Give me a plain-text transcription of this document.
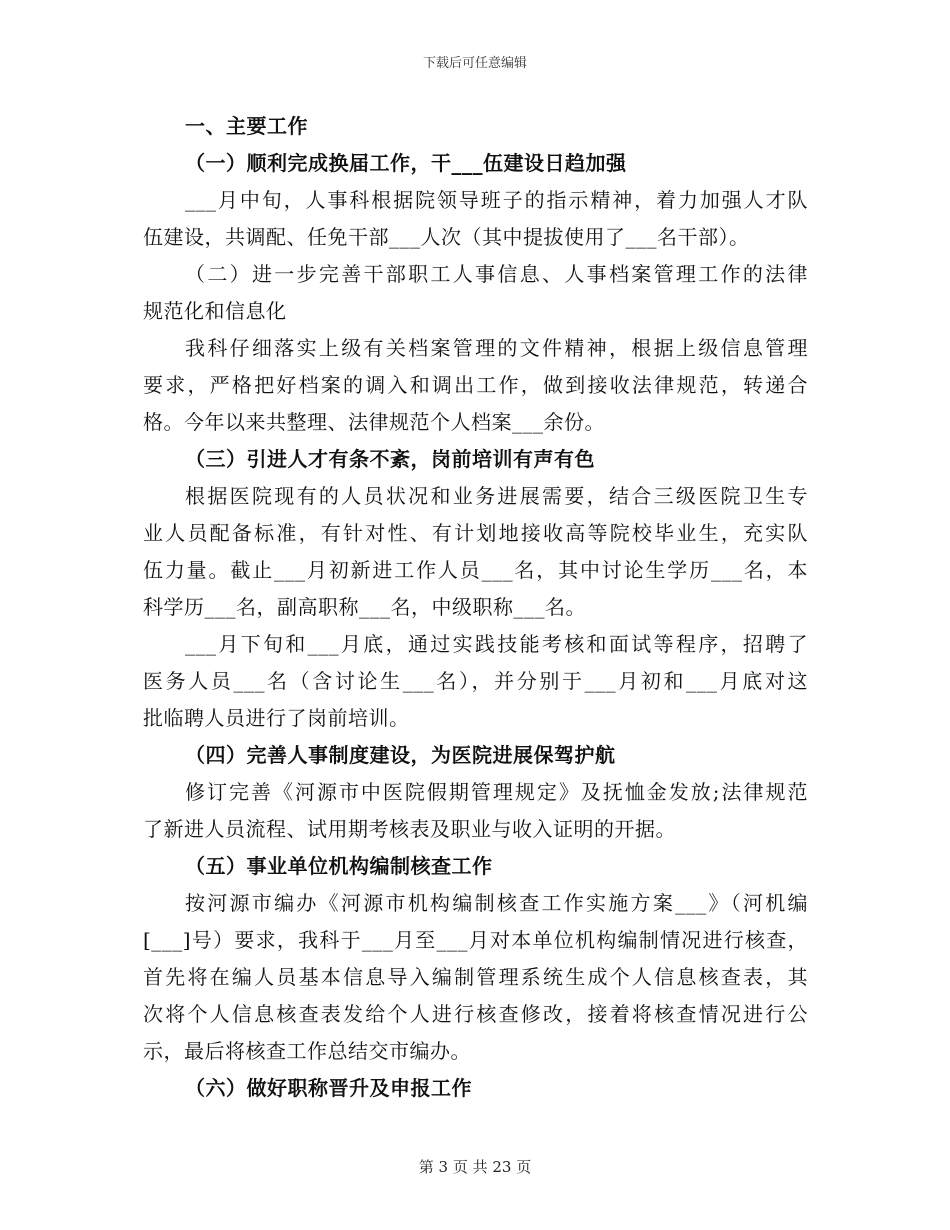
下载后可任意编辑
一、主要工作
（一）顺利完成换届工作，干___伍建设日趋加强
___月中旬，人事科根据院领导班子的指示精神，着力加强人才队
伍建设，共调配、任免干部___人次（其中提拔使用了___名干部）。
（二）进一步完善干部职工人事信息、人事档案管理工作的法律
规范化和信息化
我科仔细落实上级有关档案管理的文件精神，根据上级信息管理
要求，严格把好档案的调入和调出工作，做到接收法律规范，转递合
格。今年以来共整理、法律规范个人档案___余份。
（三）引进人才有条不紊，岗前培训有声有色
根据医院现有的人员状况和业务进展需要，结合三级医院卫生专
业人员配备标准，有针对性、有计划地接收高等院校毕业生，充实队
伍力量。截止___月初新进工作人员___名，其中讨论生学历___名，本
科学历___名，副高职称___名，中级职称___名。
___月下旬和___月底，通过实践技能考核和面试等程序，招聘了
医务人员___名（含讨论生___名），并分别于___月初和___月底对这
批临聘人员进行了岗前培训。
（四）完善人事制度建设，为医院进展保驾护航
修订完善《河源市中医院假期管理规定》及抚恤金发放;法律规范
了新进人员流程、试用期考核表及职业与收入证明的开据。
（五）事业单位机构编制核查工作
按河源市编办《河源市机构编制核查工作实施方案___》（河机编
[___]号）要求，我科于___月至___月对本单位机构编制情况进行核查，
首先将在编人员基本信息导入编制管理系统生成个人信息核查表，其
次将个人信息核查表发给个人进行核查修改，接着将核查情况进行公
示，最后将核查工作总结交市编办。
（六）做好职称晋升及申报工作
第 3 页 共 23 页
